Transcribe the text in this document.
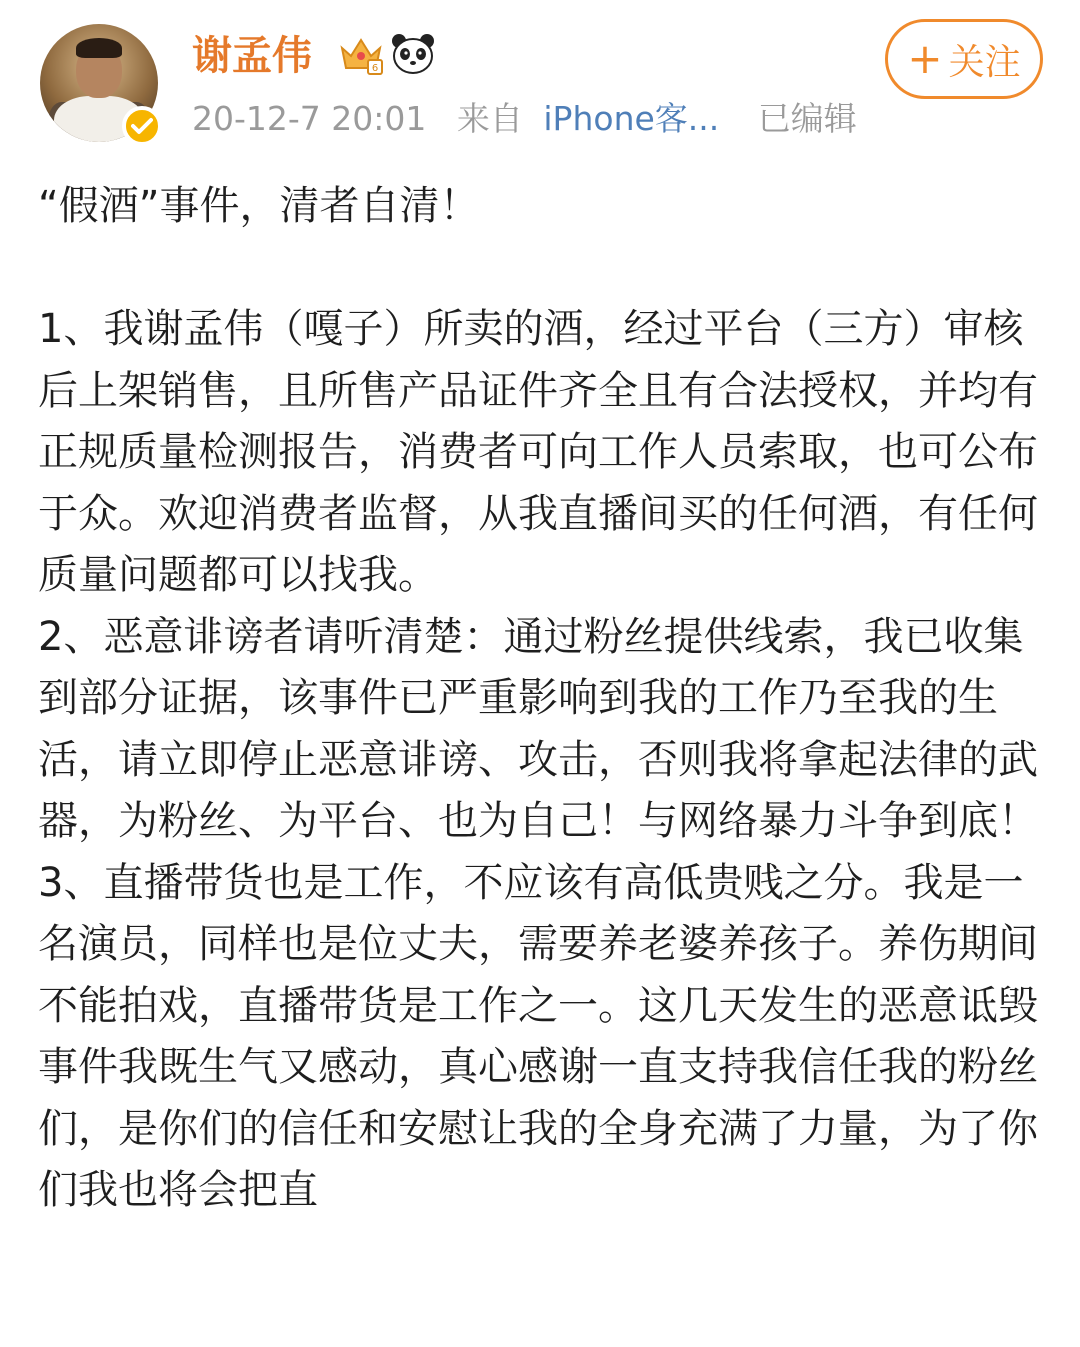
谢孟伟	6
20-12-7 20:01 来自 iPhone客... 已编辑
+ 关注

“假酒”事件，清者自清！

1、我谢孟伟（嘎子）所卖的酒，经过平台（三方）审核后上架销售，且所售产品证件齐全且有合法授权，并均有正规质量检测报告，消费者可向工作人员索取，也可公布于众。欢迎消费者监督，从我直播间买的任何酒，有任何质量问题都可以找我。

2、恶意诽谤者请听清楚：通过粉丝提供线索，我已收集到部分证据，该事件已严重影响到我的工作乃至我的生活，请立即停止恶意诽谤、攻击，否则我将拿起法律的武器，为粉丝、为平台、也为自己！与网络暴力斗争到底！

3、直播带货也是工作，不应该有高低贵贱之分。我是一名演员，同样也是位丈夫，需要养老婆养孩子。养伤期间不能拍戏，直播带货是工作之一。这几天发生的恶意诋毁事件我既生气又感动，真心感谢一直支持我信任我的粉丝们，是你们的信任和安慰让我的全身充满了力量，为了你们我也将会把直
